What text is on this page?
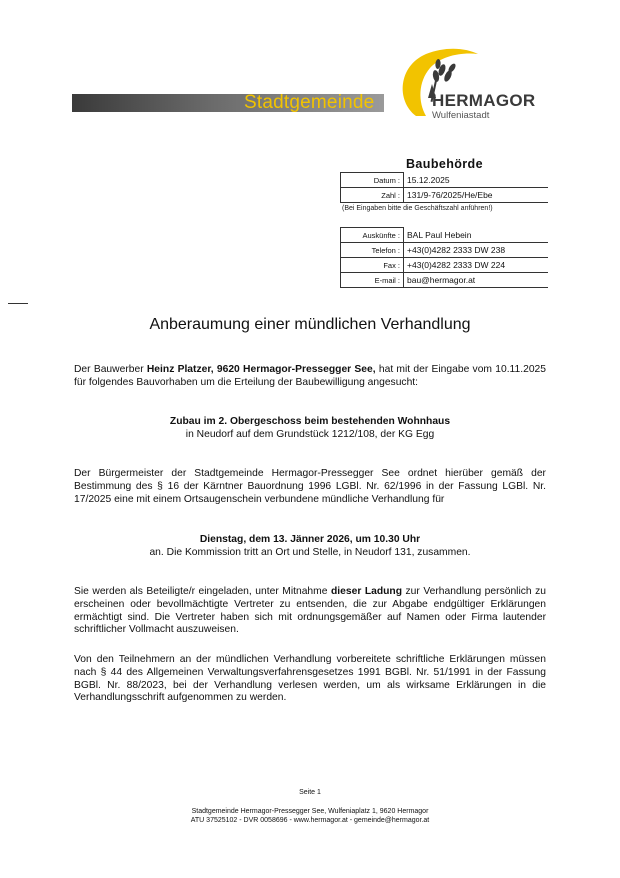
Stadtgemeinde	HERMAGOR
Wulfeniastadt
Baubehörde
Datum :	15.12.2025
Zahl :	131/9-76/2025/He/Ebe
(Bei Eingaben bitte die Geschäftszahl anführen!)
Auskünfte :	BAL Paul Hebein
Telefon :	+43(0)4282 2333 DW 238
Fax :	+43(0)4282 2333 DW 224
E-mail :	bau@hermagor.at
Anberaumung einer mündlichen Verhandlung

Der Bauwerber Heinz Platzer, 9620 Hermagor-Pressegger See, hat mit der Eingabe vom 10.11.2025 für folgendes Bauvorhaben um die Erteilung der Baubewilligung angesucht:

Zubau im 2. Obergeschoss beim bestehenden Wohnhaus
in Neudorf auf dem Grundstück 1212/108, der KG Egg

Der Bürgermeister der Stadtgemeinde Hermagor-Pressegger See ordnet hierüber gemäß der Bestimmung des § 16 der Kärntner Bauordnung 1996 LGBl. Nr. 62/1996 in der Fassung LGBl. Nr. 17/2025 eine mit einem Ortsaugenschein verbundene mündliche Verhandlung für

Dienstag, dem 13. Jänner 2026, um 10.30 Uhr
an. Die Kommission tritt an Ort und Stelle, in Neudorf 131, zusammen.

Sie werden als Beteiligte/r eingeladen, unter Mitnahme dieser Ladung zur Verhandlung persönlich zu erscheinen oder bevollmächtigte Vertreter zu entsenden, die zur Abgabe endgültiger Erklärungen ermächtigt sind. Die Vertreter haben sich mit ordnungsgemäßer auf Namen oder Firma lautender schriftlicher Vollmacht auszuweisen.

Von den Teilnehmern an der mündlichen Verhandlung vorbereitete schriftliche Erklärungen müssen nach § 44 des Allgemeinen Verwaltungsverfahrensgesetzes 1991 BGBl. Nr. 51/1991 in der Fassung BGBl. Nr. 88/2023, bei der Verhandlung verlesen werden, um als wirksame Erklärungen in die Verhandlungsschrift aufgenommen zu werden.

Seite 1
Stadtgemeinde Hermagor-Pressegger See, Wulfeniaplatz 1, 9620 Hermagor
ATU 37525102 - DVR 0058696 - www.hermagor.at - gemeinde@hermagor.at
